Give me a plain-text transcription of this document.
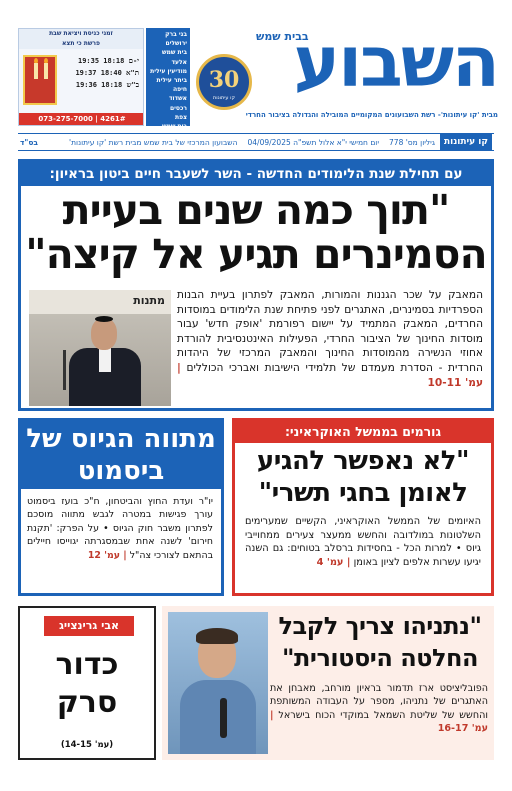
זמני כניסת ויציאת שבת
פרשת כי תצא
19:35 18:18 י-ם
19:37 18:40 ת"א
19:36 18:18 ב"ש
073-275-7000 | 4261#
בני ברק
ירושלים
בית שמש
אלעד
מודיעין עילית
ביתר עילית
חיפה
אשדוד
רכסים
צפת
בית שמש
30
קו עיתונות השבוע
בבית שמש
מבית 'קו עיתונות'- רשת השבועונים המקומיים המובילה והגדולה בציבור החרדי
קו עיתונות
גיליון מס' 778
יום חמישי י"א אלול תשפ"ה 04/09/2025
השבועון המרכזי של בית שמש מבית רשת 'קו עיתונות'
בס"ד
עם תחילת שנת הלימודים החדשה - השר לשעבר חיים ביטון בראיון:
"תוך כמה שנים בעיית הסמינרים תגיע אל קיצה"
מתנות המאבק על שכר הגננות והמורות, המאבק לפתרון בעיית הבנות הספרדיות בסמינרים, האתגרים לפני פתיחת שנת הלימודים במוסדות החרדים, המאבק המתמיד על יישום רפורמת 'אופק חדש' עבור מוסדות החינוך של הציבור החרדי, הפעילות האינטנסיבית להורדת אחוזי הנשירה מהמוסדות החינוך והמאבק המרכזי של היהדות החרדית - הסדרת מעמדם של תלמידי הישיבות ואברכי הכוללים | עמ' 10-11
גורמים בממשל האוקראיני:
"לא נאפשר להגיע לאומן בחגי תשרי"
האיומים של הממשל האוקראיני, הקשיים שמערימים השלטונות במולדובה והחשש ממעצר צעירים ממחוייבי גיוס • למרות הכל - בחסידות ברסלב בטוחים: גם השנה יגיעו עשרות אלפים לציון באומן | עמ' 4
מתווה הגיוס של ביסמוט
יו"ר ועדת החוץ והביטחון, ח"כ בועז ביסמוט עורך פגישות במטרה לגבש מתווה מוסכם לפתרון משבר חוק הגיוס • על הפרק: 'תקנת חירום' לשנה אחת שבמסגרתה יגוייסו חיילים בהתאם לצורכי צה"ל | עמ' 12
אבי גרינצייג
כדור סרק
(עמ' 14-15)
"נתניהו צריך לקבל החלטה היסטורית"
הפובליציסט ארז תדמור בראיון מורחב, מאבחן את האתגרים של נתניהו, מספר על העבודה המשותפת והחשש של שליטת השמאל במוקדי הכוח בישראל | עמ' 16-17
